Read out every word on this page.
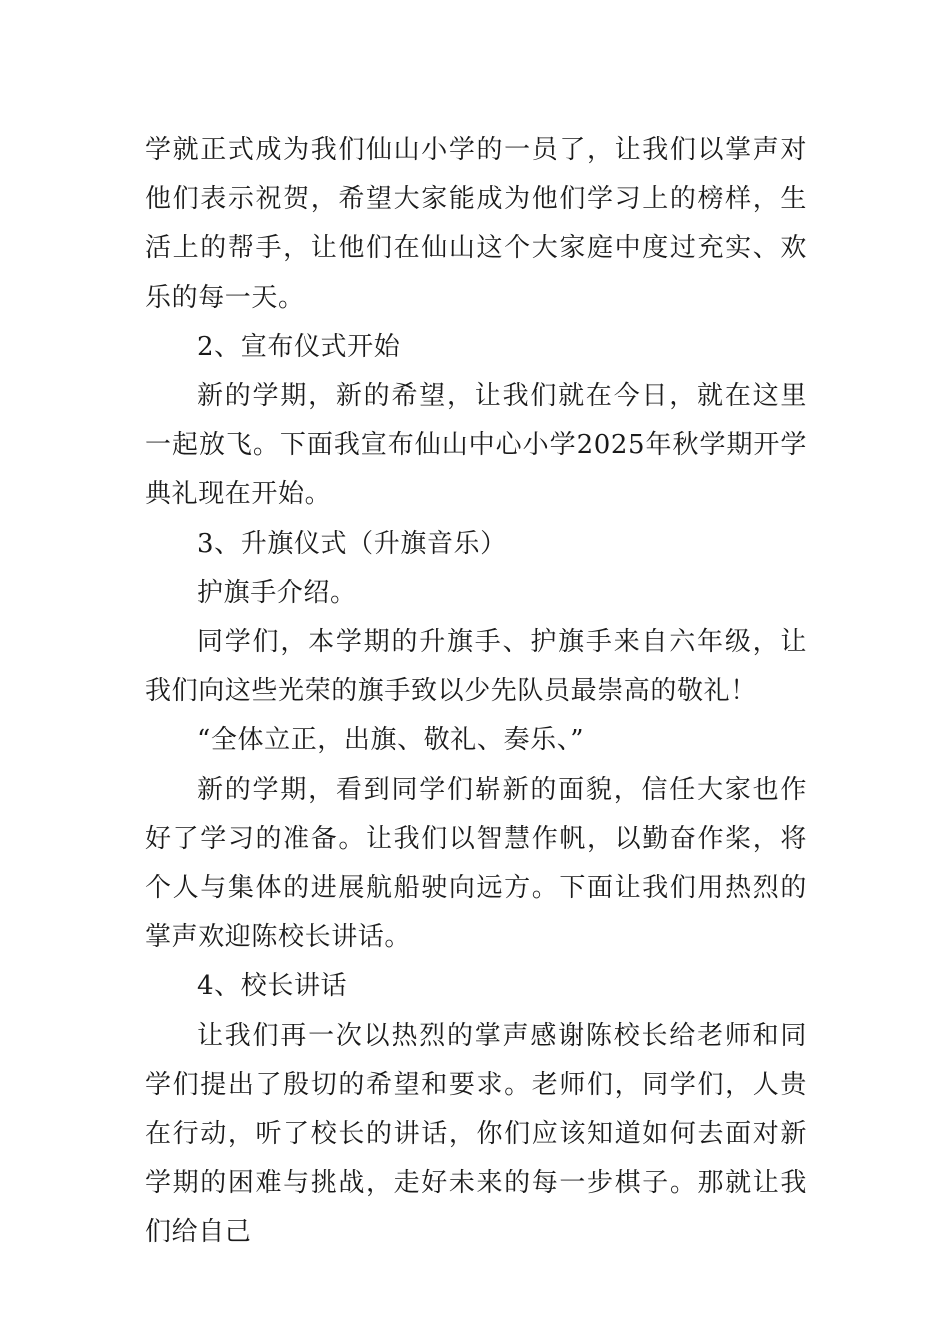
学就正式成为我们仙山小学的一员了，让我们以掌声对他们表示祝贺，希望大家能成为他们学习上的榜样，生活上的帮手，让他们在仙山这个大家庭中度过充实、欢乐的每一天。

2、宣布仪式开始

新的学期，新的希望，让我们就在今日，就在这里一起放飞。下面我宣布仙山中心小学2025年秋学期开学典礼现在开始。

3、升旗仪式（升旗音乐）

护旗手介绍。

同学们，本学期的升旗手、护旗手来自六年级，让我们向这些光荣的旗手致以少先队员最崇高的敬礼！

“全体立正，出旗、敬礼、奏乐、”

新的学期，看到同学们崭新的面貌，信任大家也作好了学习的准备。让我们以智慧作帆，以勤奋作桨，将个人与集体的进展航船驶向远方。下面让我们用热烈的掌声欢迎陈校长讲话。

4、校长讲话

让我们再一次以热烈的掌声感谢陈校长给老师和同学们提出了殷切的希望和要求。老师们，同学们，人贵在行动，听了校长的讲话，你们应该知道如何去面对新学期的困难与挑战，走好未来的每一步棋子。那就让我们给自己
